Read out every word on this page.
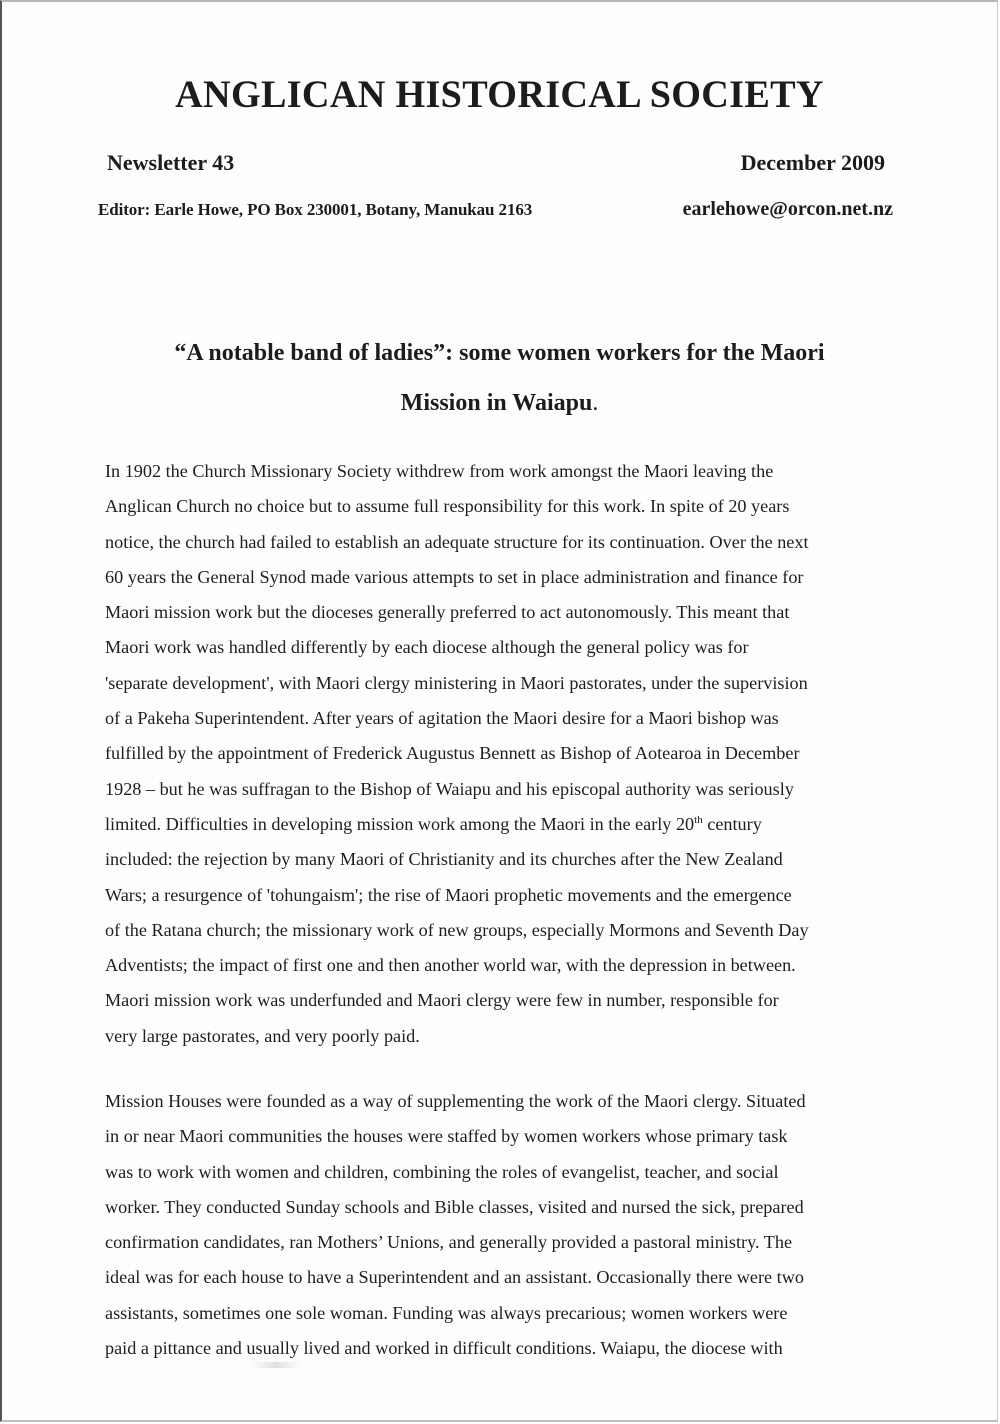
ANGLICAN HISTORICAL SOCIETY
Newsletter 43	December 2009
Editor: Earle Howe, PO Box 230001, Botany, Manukau 2163	earlehowe@orcon.net.nz
“A notable band of ladies”: some women workers for the Maori
Mission in Waiapu.
In 1902 the Church Missionary Society withdrew from work amongst the Maori leaving the
Anglican Church no choice but to assume full responsibility for this work. In spite of 20 years
notice, the church had failed to establish an adequate structure for its continuation. Over the next
60 years the General Synod made various attempts to set in place administration and finance for
Maori mission work but the dioceses generally preferred to act autonomously. This meant that
Maori work was handled differently by each diocese although the general policy was for
'separate development', with Maori clergy ministering in Maori pastorates, under the supervision
of a Pakeha Superintendent. After years of agitation the Maori desire for a Maori bishop was
fulfilled by the appointment of Frederick Augustus Bennett as Bishop of Aotearoa in December
1928 – but he was suffragan to the Bishop of Waiapu and his episcopal authority was seriously
limited. Difficulties in developing mission work among the Maori in the early 20th century
included: the rejection by many Maori of Christianity and its churches after the New Zealand
Wars; a resurgence of 'tohungaism'; the rise of Maori prophetic movements and the emergence
of the Ratana church; the missionary work of new groups, especially Mormons and Seventh Day
Adventists; the impact of first one and then another world war, with the depression in between.
Maori mission work was underfunded and Maori clergy were few in number, responsible for
very large pastorates, and very poorly paid.
Mission Houses were founded as a way of supplementing the work of the Maori clergy. Situated
in or near Maori communities the houses were staffed by women workers whose primary task
was to work with women and children, combining the roles of evangelist, teacher, and social
worker. They conducted Sunday schools and Bible classes, visited and nursed the sick, prepared
confirmation candidates, ran Mothers’ Unions, and generally provided a pastoral ministry. The
ideal was for each house to have a Superintendent and an assistant. Occasionally there were two
assistants, sometimes one sole woman. Funding was always precarious; women workers were
paid a pittance and usually lived and worked in difficult conditions. Waiapu, the diocese with
